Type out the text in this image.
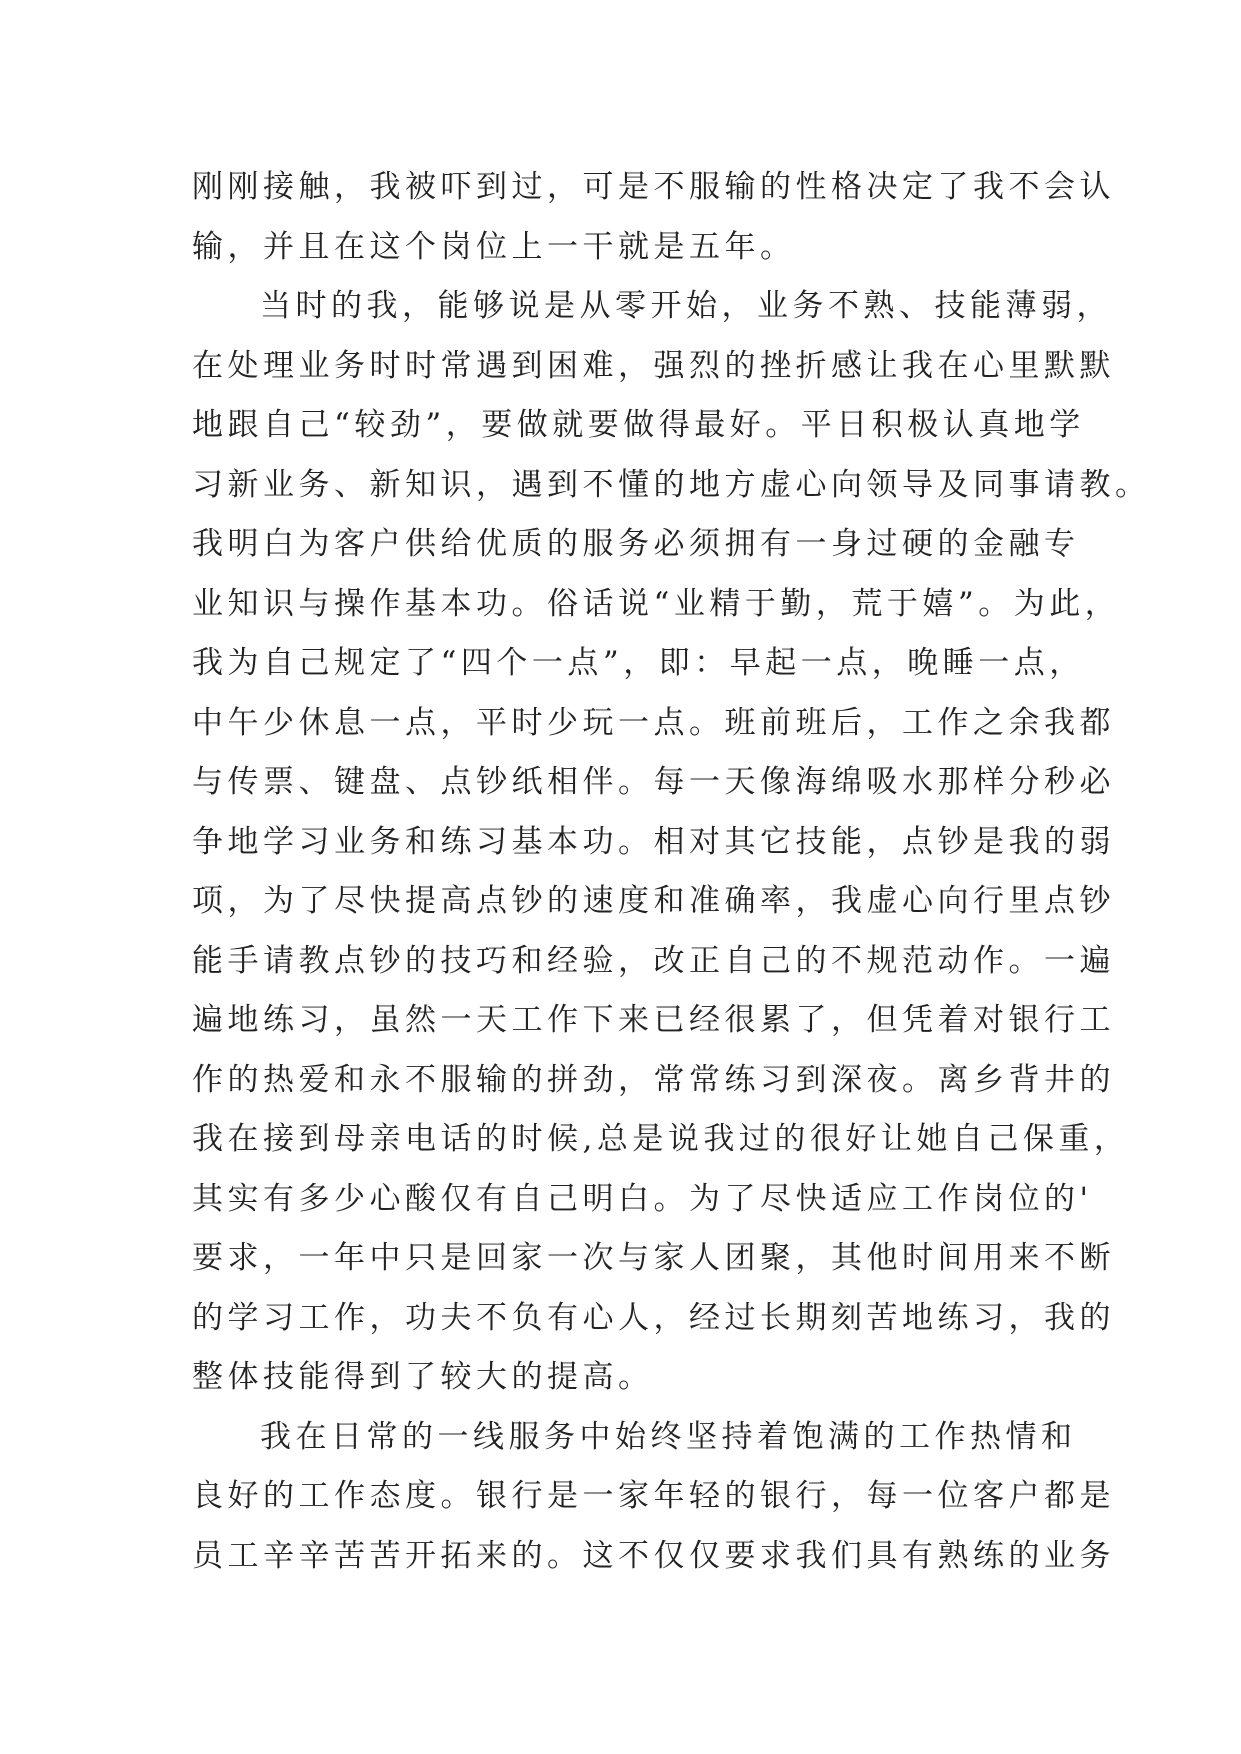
刚刚接触，我被吓到过，可是不服输的性格决定了我不会认
输，并且在这个岗位上一干就是五年。
当时的我，能够说是从零开始，业务不熟、技能薄弱，
在处理业务时时常遇到困难，强烈的挫折感让我在心里默默
地跟自己“较劲”，要做就要做得最好。平日积极认真地学
习新业务、新知识，遇到不懂的地方虚心向领导及同事请教。
我明白为客户供给优质的服务必须拥有一身过硬的金融专
业知识与操作基本功。俗话说“业精于勤，荒于嬉”。为此，
我为自己规定了“四个一点”，即：早起一点，晚睡一点，
中午少休息一点，平时少玩一点。班前班后，工作之余我都
与传票、键盘、点钞纸相伴。每一天像海绵吸水那样分秒必
争地学习业务和练习基本功。相对其它技能，点钞是我的弱
项，为了尽快提高点钞的速度和准确率，我虚心向行里点钞
能手请教点钞的技巧和经验，改正自己的不规范动作。一遍
遍地练习，虽然一天工作下来已经很累了，但凭着对银行工
作的热爱和永不服输的拼劲，常常练习到深夜。离乡背井的
我在接到母亲电话的时候,总是说我过的很好让她自己保重，
其实有多少心酸仅有自己明白。为了尽快适应工作岗位的'
要求，一年中只是回家一次与家人团聚，其他时间用来不断
的学习工作，功夫不负有心人，经过长期刻苦地练习，我的
整体技能得到了较大的提高。
我在日常的一线服务中始终坚持着饱满的工作热情和
良好的工作态度。银行是一家年轻的银行，每一位客户都是
员工辛辛苦苦开拓来的。这不仅仅要求我们具有熟练的业务
